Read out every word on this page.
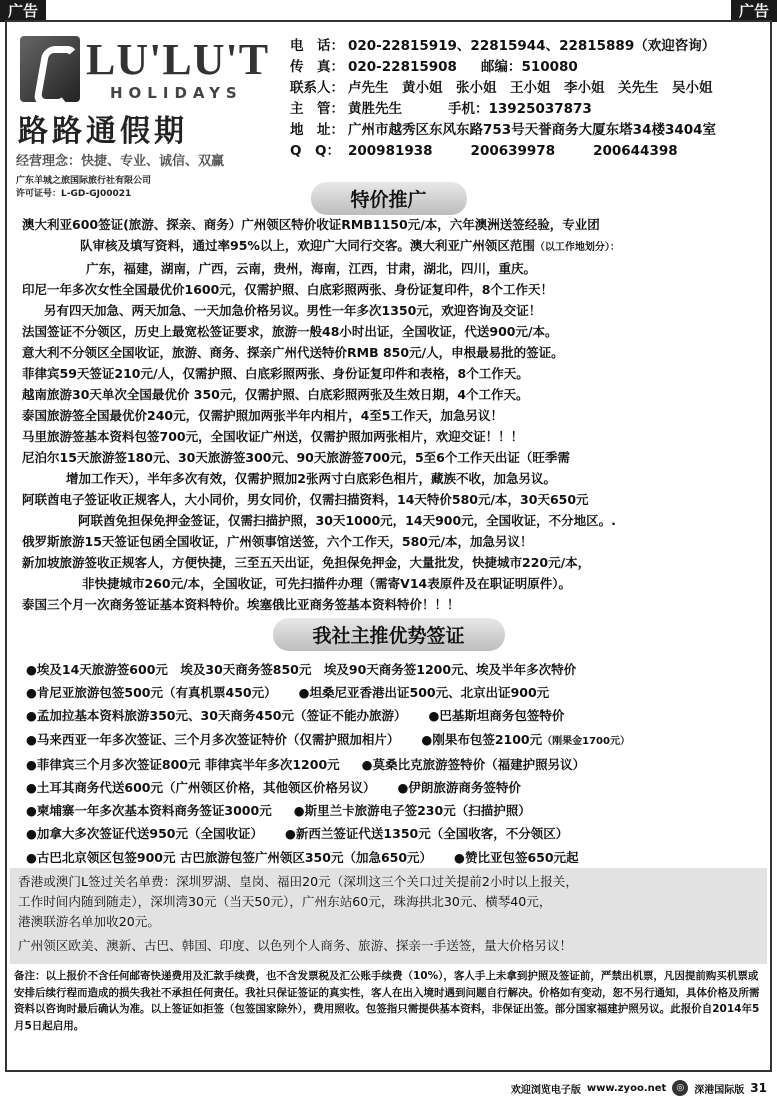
广告	广告
LU'LU'T
HOLIDAYS
路路通假期
经营理念：快捷、专业、诚信、双赢
广东羊城之旅国际旅行社有限公司
许可证号：L-GD-GJ00021
电　话： 020-22815919、22815944、22815889（欢迎咨询）
传　真： 020-22815908 邮编：510080
联系人： 卢先生　黄小姐　张小姐　王小姐　李小姐　关先生　吴小姐
主　管： 黄胜先生	手机：13925037873
地　址： 广州市越秀区东风东路753号天誉商务大厦东塔34楼3404室
Q　Q： 200981938	200639978	200644398
特价推广
澳大利亚600签证(旅游、探亲、商务）广州领区特价收证RMB1150元/本，六年澳洲送签经验，专业团
队审核及填写资料，通过率95%以上，欢迎广大同行交客。澳大利亚广州领区范围（以工作地划分）：
广东，福建，湖南，广西，云南，贵州，海南，江西，甘肃，湖北，四川，重庆。
印尼一年多次女性全国最优价1600元，仅需护照、白底彩照两张、身份证复印件，8个工作天！
另有四天加急、两天加急、一天加急价格另议。男性一年多次1350元，欢迎咨询及交证！
法国签证不分领区，历史上最宽松签证要求，旅游一般48小时出证，全国收证，代送900元/本。
意大利不分领区全国收证，旅游、商务、探亲广州代送特价RMB 850元/人，申根最易批的签证。
菲律宾59天签证210元/人，仅需护照、白底彩照两张、身份证复印件和表格，8个工作天。
越南旅游30天单次全国最优价 350元，仅需护照、白底彩照两张及生效日期，4个工作天。
泰国旅游签全国最优价240元，仅需护照加两张半年内相片，4至5工作天，加急另议！
马里旅游签基本资料包签700元，全国收证广州送，仅需护照加两张相片，欢迎交证！！！
尼泊尔15天旅游签180元、30天旅游签300元、90天旅游签700元，5至6个工作天出证（旺季需
增加工作天），半年多次有效，仅需护照加2张两寸白底彩色相片，藏族不收，加急另议。
阿联酋电子签证收正规客人，大小同价，男女同价，仅需扫描资料，14天特价580元/本，30天650元
阿联酋免担保免押金签证，仅需扫描护照，30天1000元，14天900元，全国收证，不分地区。.
俄罗斯旅游15天签证包函全国收证，广州领事馆送签，六个工作天，580元/本，加急另议！
新加坡旅游签收正规客人，方便快捷，三至五天出证，免担保免押金，大量批发，快捷城市220元/本，
非快捷城市260元/本，全国收证，可先扫描件办理（需寄V14表原件及在职证明原件）。
泰国三个月一次商务签证基本资料特价。埃塞俄比亚商务签基本资料特价！！！
我社主推优势签证
●埃及14天旅游签600元　埃及30天商务签850元　埃及90天商务签1200元、埃及半年多次特价
●肯尼亚旅游包签500元（有真机票450元） ●坦桑尼亚香港出证500元、北京出证900元
●孟加拉基本资料旅游350元、30天商务450元（签证不能办旅游） ●巴基斯坦商务包签特价
●马来西亚一年多次签证、三个月多次签证特价（仅需护照加相片） ●刚果布包签2100元（刚果金1700元）
●菲律宾三个月多次签证800元 菲律宾半年多次1200元 ●莫桑比克旅游签特价（福建护照另议）
●土耳其商务代送600元（广州领区价格，其他领区价格另议） ●伊朗旅游商务签特价
●柬埔寨一年多次基本资料商务签证3000元 ●斯里兰卡旅游电子签230元（扫描护照）
●加拿大多次签证代送950元（全国收证） ●新西兰签证代送1350元（全国收客，不分领区）
●古巴北京领区包签900元 古巴旅游包签广州领区350元（加急650元） ●赞比亚包签650元起
香港或澳门L签过关名单费：深圳罗湖、皇岗、福田20元（深圳这三个关口过关提前2小时以上报关，
工作时间内随到随走），深圳湾30元（当天50元），广州东站60元，珠海拱北30元、横琴40元，
港澳联游名单加收20元。
广州领区欧美、澳新、古巴、韩国、印度、以色列个人商务、旅游、探亲一手送签，量大价格另议！
备注：以上报价不含任何邮寄快递费用及汇款手续费，也不含发票税及汇公账手续费（10%），客人手上未拿到护照及签证前，严禁出机票，凡因提前购买机票或安排后续行程而造成的损失我社不承担任何责任。我社只保证签证的真实性，客人在出入境时遇到问题自行解决。价格如有变动，恕不另行通知，具体价格及所需资料以咨询时最后确认为准。以上签证如拒签（包签国家除外），费用照收。包签指只需提供基本资料，非保证出签。部分国家福建护照另议。此报价自2014年5月5日起启用。
欢迎浏览电子版 www.zyoo.net	◎	深港国际版 31
